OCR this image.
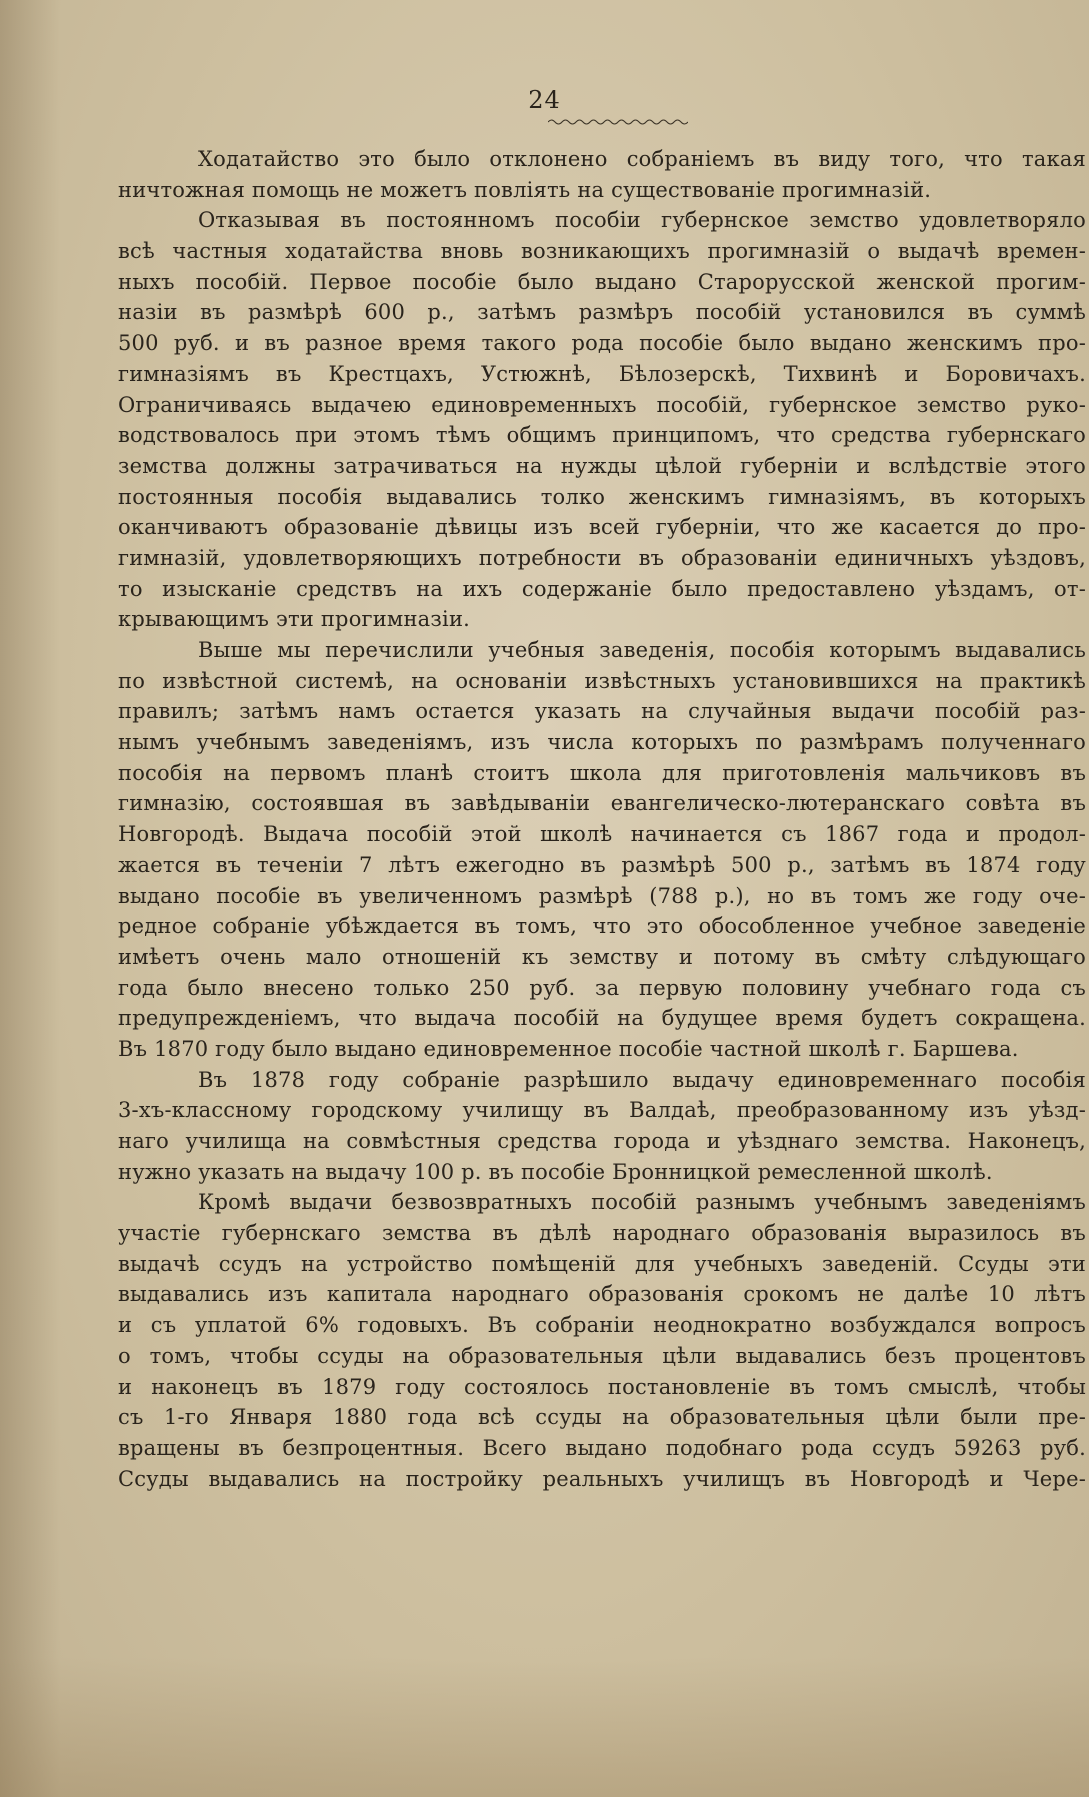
24
Ходатайство это было отклонено собраніемъ въ виду того, что такая
ничтожная помощь не можетъ повліять на существованіе прогимназій.
Отказывая въ постоянномъ пособіи губернское земство удовлетворяло
всѣ частныя ходатайства вновь возникающихъ прогимназій о выдачѣ времен-
ныхъ пособій. Первое пособіе было выдано Старорусской женской прогим-
назіи въ размѣрѣ 600 р., затѣмъ размѣръ пособій установился въ суммѣ
500 руб. и въ разное время такого рода пособіе было выдано женскимъ про-
гимназіямъ въ Крестцахъ, Устюжнѣ, Бѣлозерскѣ, Тихвинѣ и Боровичахъ.
Ограничиваясь выдачею единовременныхъ пособій, губернское земство руко-
водствовалось при этомъ тѣмъ общимъ принципомъ, что средства губернскаго
земства должны затрачиваться на нужды цѣлой губерніи и вслѣдствіе этого
постоянныя пособія выдавались толко женскимъ гимназіямъ, въ которыхъ
оканчиваютъ образованіе дѣвицы изъ всей губерніи, что же касается до про-
гимназій, удовлетворяющихъ потребности въ образованіи единичныхъ уѣздовъ,
то изысканіе средствъ на ихъ содержаніе было предоставлено уѣздамъ, от-
крывающимъ эти прогимназіи.
Выше мы перечислили учебныя заведенія, пособія которымъ выдавались
по извѣстной системѣ, на основаніи извѣстныхъ установившихся на практикѣ
правилъ; затѣмъ намъ остается указать на случайныя выдачи пособій раз-
нымъ учебнымъ заведеніямъ, изъ числа которыхъ по размѣрамъ полученнаго
пособія на первомъ планѣ стоитъ школа для приготовленія мальчиковъ въ
гимназію, состоявшая въ завѣдываніи евангелическо-лютеранскаго совѣта въ
Новгородѣ. Выдача пособій этой школѣ начинается съ 1867 года и продол-
жается въ теченіи 7 лѣтъ ежегодно въ размѣрѣ 500 р., затѣмъ въ 1874 году
выдано пособіе въ увеличенномъ размѣрѣ (788 р.), но въ томъ же году оче-
редное собраніе убѣждается въ томъ, что это обособленное учебное заведеніе
имѣетъ очень мало отношеній къ земству и потому въ смѣту слѣдующаго
года было внесено только 250 руб. за первую половину учебнаго года съ
предупрежденіемъ, что выдача пособій на будущее время будетъ сокращена.
Въ 1870 году было выдано единовременное пособіе частной школѣ г. Баршева.
Въ 1878 году собраніе разрѣшило выдачу единовременнаго пособія
3-хъ-классному городскому училищу въ Валдаѣ, преобразованному изъ уѣзд-
наго училища на совмѣстныя средства города и уѣзднаго земства. Наконецъ,
нужно указать на выдачу 100 р. въ пособіе Бронницкой ремесленной школѣ.
Кромѣ выдачи безвозвратныхъ пособій разнымъ учебнымъ заведеніямъ
участіе губернскаго земства въ дѣлѣ народнаго образованія выразилось въ
выдачѣ ссудъ на устройство помѣщеній для учебныхъ заведеній. Ссуды эти
выдавались изъ капитала народнаго образованія срокомъ не далѣе 10 лѣтъ
и съ уплатой 6% годовыхъ. Въ собраніи неоднократно возбуждался вопросъ
о томъ, чтобы ссуды на образовательныя цѣли выдавались безъ процентовъ
и наконецъ въ 1879 году состоялось постановленіе въ томъ смыслѣ, чтобы
съ 1-го Января 1880 года всѣ ссуды на образовательныя цѣли были пре-
вращены въ безпроцентныя. Всего выдано подобнаго рода ссудъ 59263 руб.
Ссуды выдавались на постройку реальныхъ училищъ въ Новгородѣ и Чере-
